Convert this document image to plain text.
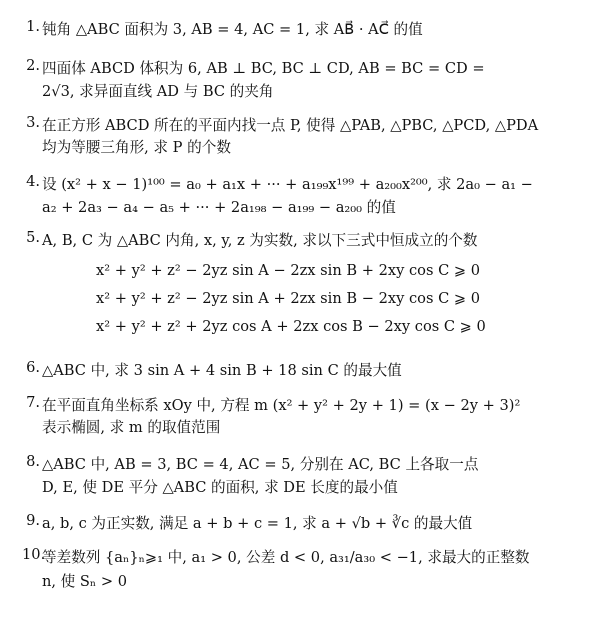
1. 钝角 △ABC 面积为 3, AB = 4, AC = 1, 求 AB⃗ · AC⃗ 的值
2. 四面体 ABCD 体积为 6, AB ⊥ BC, BC ⊥ CD, AB = BC = CD =
2√3, 求异面直线 AD 与 BC 的夹角
3. 在正方形 ABCD 所在的平面内找一点 P, 使得 △PAB, △PBC, △PCD, △PDA
均为等腰三角形, 求 P 的个数
4. 设 (x² + x − 1)¹⁰⁰ = a₀ + a₁x + ··· + a₁₉₉x¹⁹⁹ + a₂₀₀x²⁰⁰, 求 2a₀ − a₁ −
a₂ + 2a₃ − a₄ − a₅ + ··· + 2a₁₉₈ − a₁₉₉ − a₂₀₀ 的值
5. A, B, C 为 △ABC 内角, x, y, z 为实数, 求以下三式中恒成立的个数
x² + y² + z² − 2yz sin A − 2zx sin B + 2xy cos C ⩾ 0
x² + y² + z² − 2yz sin A + 2zx sin B − 2xy cos C ⩾ 0
x² + y² + z² + 2yz cos A + 2zx cos B − 2xy cos C ⩾ 0
6. △ABC 中, 求 3 sin A + 4 sin B + 18 sin C 的最大值
7. 在平面直角坐标系 xOy 中, 方程 m (x² + y² + 2y + 1) = (x − 2y + 3)²
表示椭圆, 求 m 的取值范围
8. △ABC 中, AB = 3, BC = 4, AC = 5, 分别在 AC, BC 上各取一点
D, E, 使 DE 平分 △ABC 的面积, 求 DE 长度的最小值
9. a, b, c 为正实数, 满足 a + b + c = 1, 求 a + √b + ∛c 的最大值
10.
等差数列 {aₙ}ₙ⩾₁ 中, a₁ > 0, 公差 d < 0, a₃₁/a₃₀ < −1, 求最大的正整数
n, 使 Sₙ > 0
